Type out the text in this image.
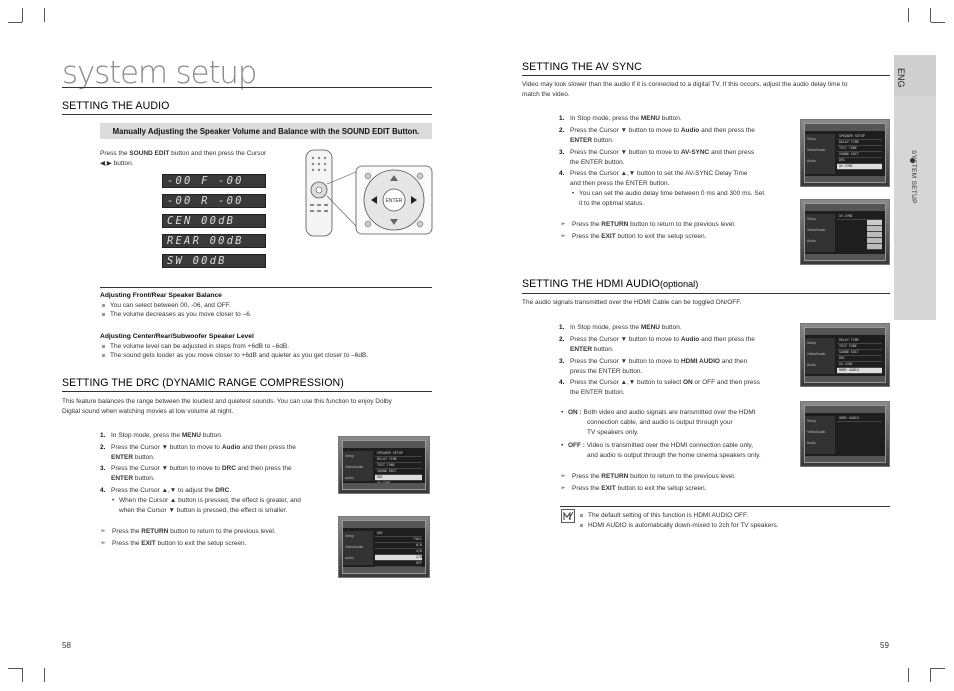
ENG
SYSTEM SETUP
system setup
SETTING THE AUDIO
Manually Adjusting the Speaker Volume and Balance with the SOUND EDIT Button.
Press the SOUND EDIT button and then press the Cursor
◀,▶ button.
-00 F -00
-00 R -00
CEN 00dB
REAR 00dB
SW 00dB
ENTER
Adjusting Front/Rear Speaker Balance
You can select between 00, -06, and OFF.
The volume decreases as you move closer to –6.
Adjusting Center/Rear/Subwoofer Speaker Level
The volume level can be adjusted in steps from +6dB to –6dB.
The sound gets louder as you move closer to +6dB and quieter as you get closer to –6dB.
SETTING THE DRC (DYNAMIC RANGE COMPRESSION)
This feature balances the range between the loudest and quietest sounds. You can use this function to enjoy Dolby
Digital sound when watching movies at low volume at night.
1. In Stop mode, press the MENU button.
2. Press the Cursor ▼ button to move to Audio and then press the
ENTER button.
3. Press the Cursor ▼ button to move to DRC and then press the
ENTER button.
4. Press the Cursor ▲,▼ to adjust the DRC.
• When the Cursor ▲ button is pressed, the effect is greater, and
when the Cursor ▼ button is pressed, the effect is smaller.
➣ Press the RETURN button to return to the previous level.
➣ Press the EXIT button to exit the setup screen.
Setup
Video/Audio
Audio
SPEAKER SETUP
DELAY TIME
TEST TONE
SOUND EDIT
DRC
Setup
Video/Audio
Audio
DRC
FULL
6/8
4/8
2/8
OFF
58
SETTING THE AV SYNC
Video may look slower than the audio if it is connected to a digital TV. If this occurs, adjust the audio delay time to
match the video.
1. In Stop mode, press the MENU button.
2. Press the Cursor ▼ button to move to Audio and then press the
ENTER button.
3. Press the Cursor ▼ button to move to AV-SYNC and then press
the ENTER button.
4. Press the Cursor ▲,▼ button to set the AV-SYNC Delay Time
and then press the ENTER button.
• You can set the audio delay time between 0 ms and 300 ms. Set
it to the optimal status.
➣ Press the RETURN button to return to the previous level.
➣ Press the EXIT button to exit the setup screen.
Setup
Video/Audio
Audio
SPEAKER SETUP
DELAY TIME
TEST TONE
SOUND EDIT
DRC
AV-SYNC
Setup
Video/Audio
Audio
AV-SYNC
SETTING THE HDMI AUDIO(optional)
The audio signals transmitted over the HDMI Cable can be toggled ON/OFF.
1. In Stop mode, press the MENU button.
2. Press the Cursor ▼ button to move to Audio and then press the
ENTER button.
3. Press the Cursor ▼ button to move to HDMI AUDIO and then
press the ENTER button.
4. Press the Cursor ▲,▼ button to select ON or OFF and then press
the ENTER button.
• ON : Both video and audio signals are transmitted over the HDMI
connection cable, and audio is output through your
TV speakers only.
• OFF : Video is transmitted over the HDMI connection cable only,
and audio is output through the home cinema speakers only.
➣ Press the RETURN button to return to the previous level.
➣ Press the EXIT button to exit the setup screen.
The default setting of this function is HDMI AUDIO OFF.
HDMI AUDIO is automatically down-mixed to 2ch for TV speakers.
Setup
Video/Audio
Audio
DELAY TIME
TEST TONE
SOUND EDIT
DRC
AV-SYNC
HDMI AUDIO
Setup
Video/Audio
Audio
HDMI AUDIO
59
